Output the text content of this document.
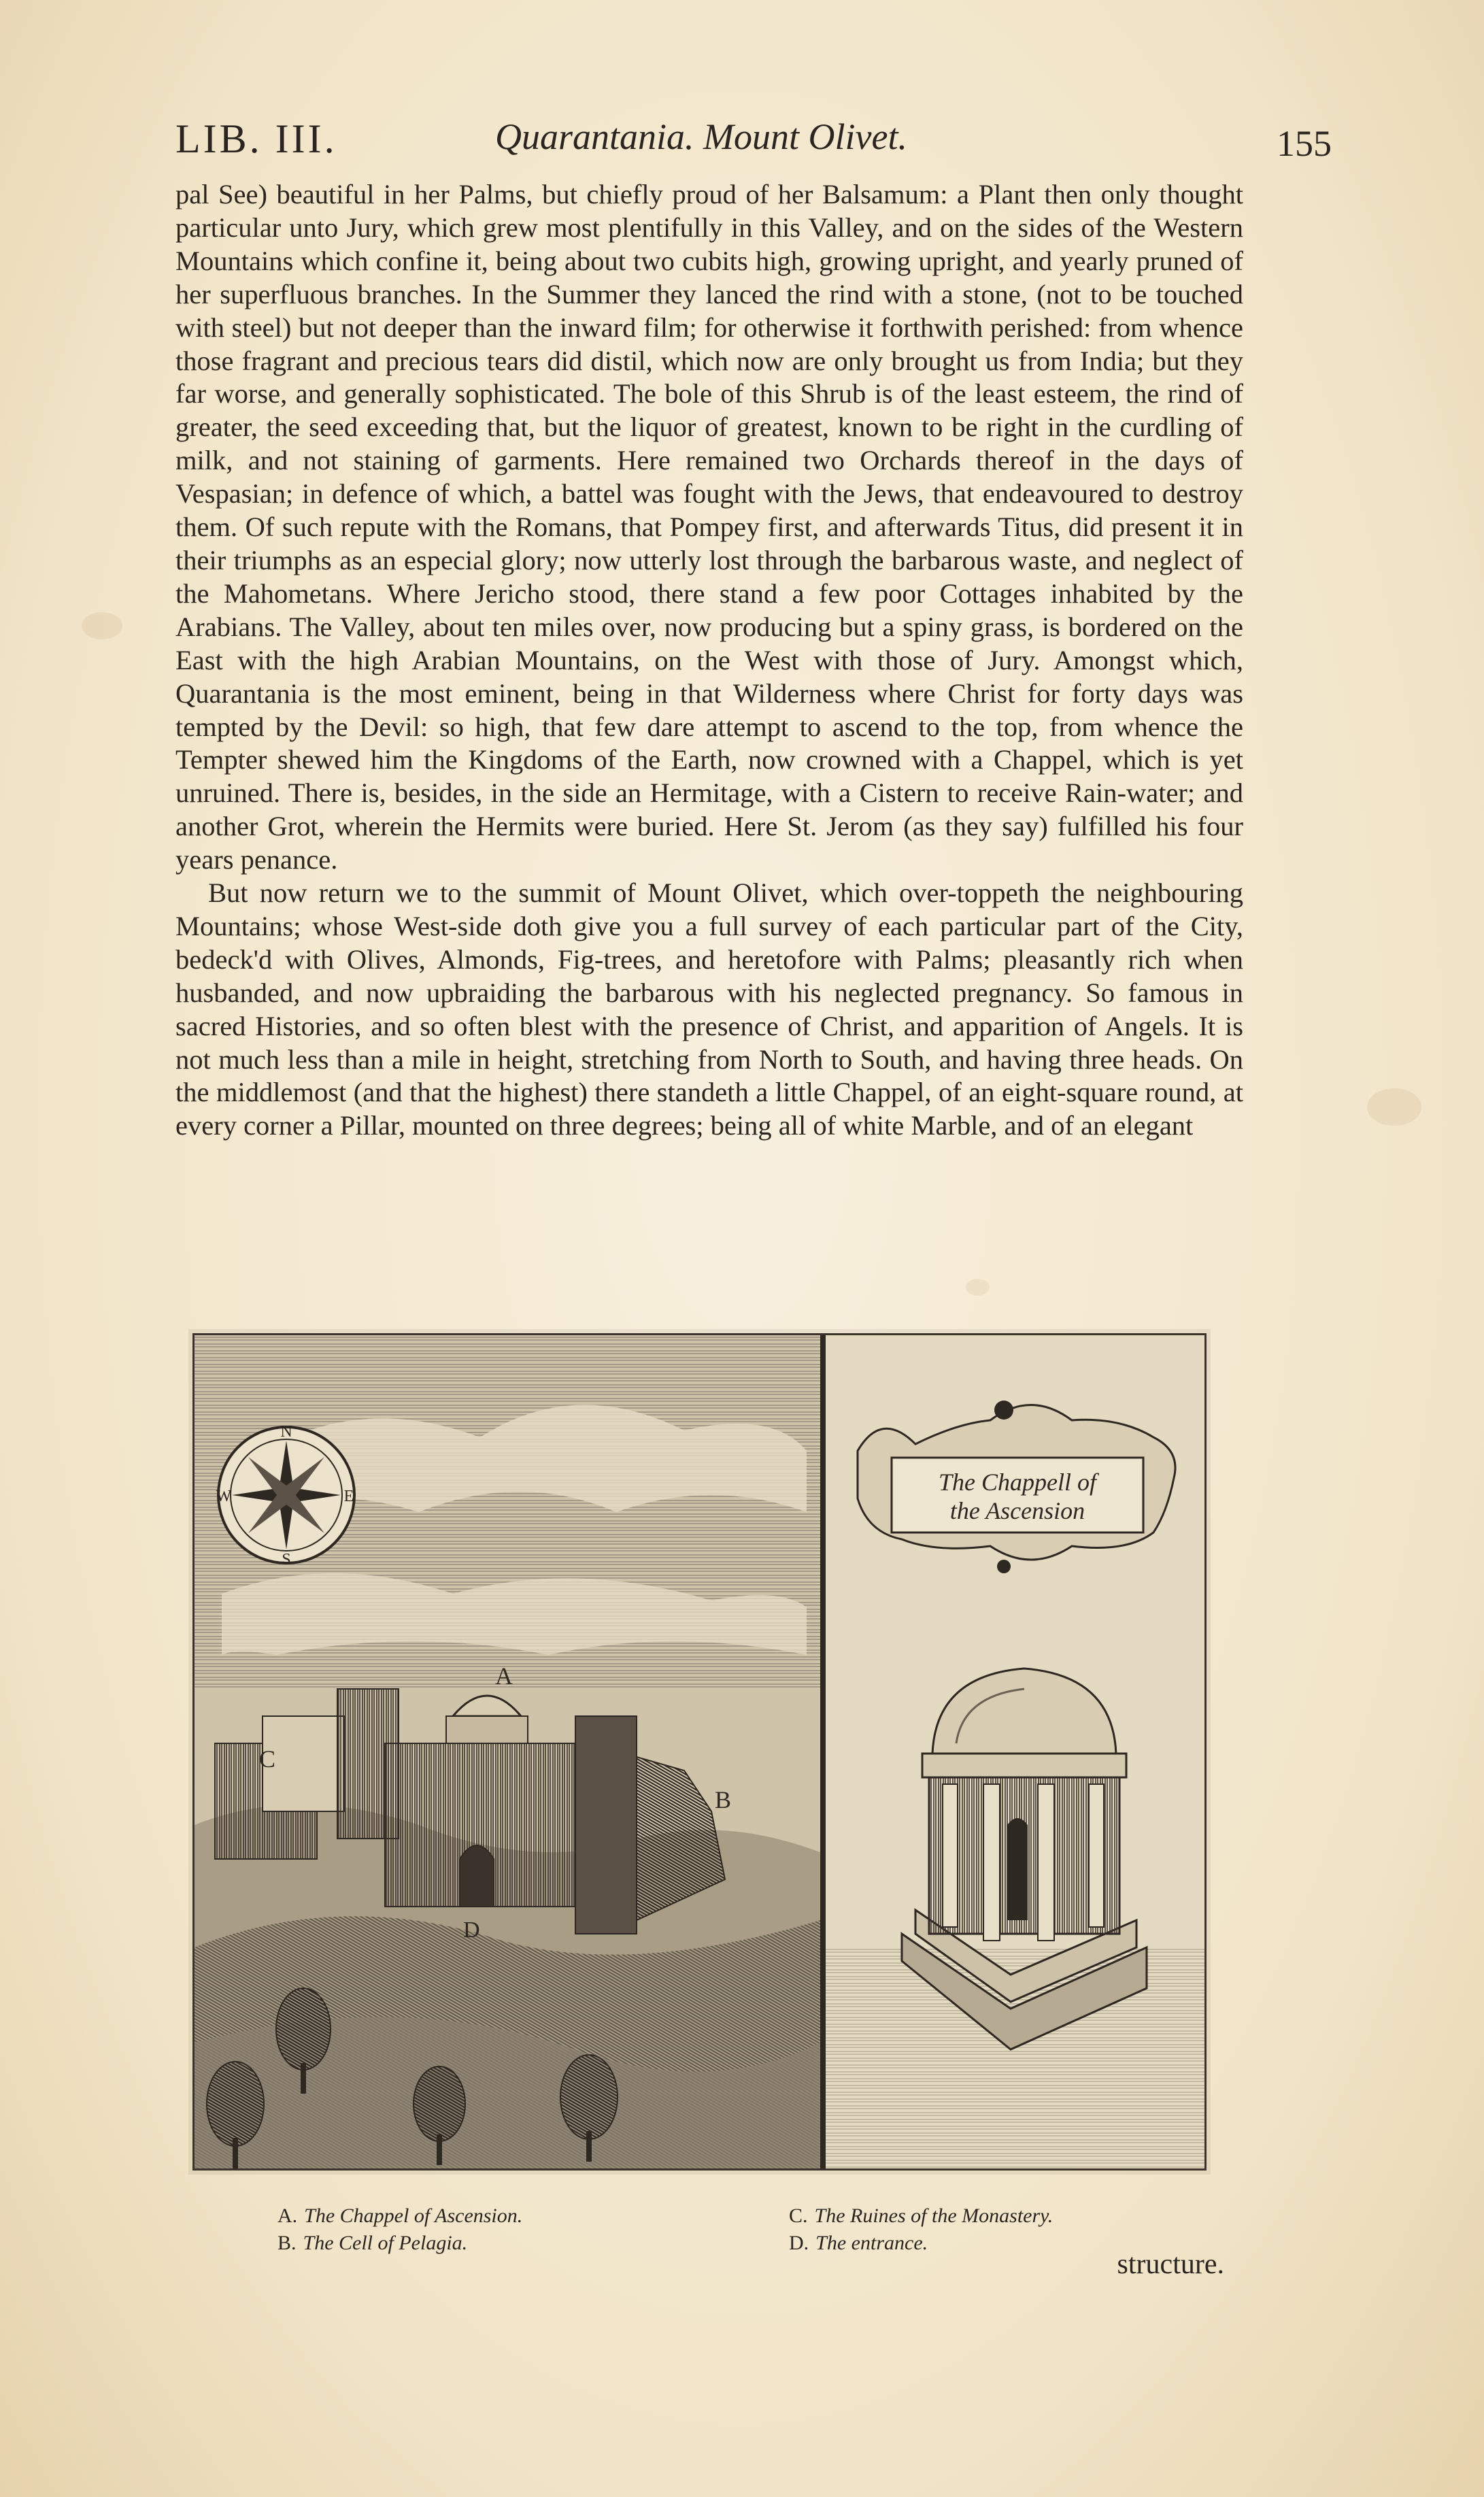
LIB. III.	Quarantania. Mount Olivet.	155

pal See) beautiful in her Palms, but chiefly proud of her Balsamum: a Plant then only thought particular unto Jury, which grew most plentifully in this Valley, and on the sides of the Western Mountains which confine it, being about two cubits high, growing upright, and yearly pruned of her superfluous branches. In the Summer they lanced the rind with a stone, (not to be touched with steel) but not deeper than the inward film; for otherwise it forthwith perished: from whence those fragrant and precious tears did distil, which now are only brought us from India; but they far worse, and generally sophisticated. The bole of this Shrub is of the least esteem, the rind of greater, the seed exceeding that, but the liquor of greatest, known to be right in the curdling of milk, and not staining of garments. Here remained two Orchards thereof in the days of Vespasian; in defence of which, a battel was fought with the Jews, that endeavoured to destroy them. Of such repute with the Romans, that Pompey first, and afterwards Titus, did present it in their triumphs as an especial glory; now utterly lost through the barbarous waste, and neglect of the Mahometans. Where Jericho stood, there stand a few poor Cottages inhabited by the Arabians. The Valley, about ten miles over, now producing but a spiny grass, is bordered on the East with the high Arabian Mountains, on the West with those of Jury. Amongst which, Quarantania is the most eminent, being in that Wilderness where Christ for forty days was tempted by the Devil: so high, that few dare attempt to ascend to the top, from whence the Tempter shewed him the Kingdoms of the Earth, now crowned with a Chappel, which is yet unruined. There is, besides, in the side an Hermitage, with a Cistern to receive Rain-water; and another Grot, wherein the Hermits were buried. Here St. Jerom (as they say) fulfilled his four years penance.

But now return we to the summit of Mount Olivet, which over-toppeth the neighbouring Mountains; whose West-side doth give you a full survey of each particular part of the City, bedeck'd with Olives, Almonds, Fig-trees, and heretofore with Palms; pleasantly rich when husbanded, and now upbraiding the barbarous with his neglected pregnancy. So famous in sacred Histories, and so often blest with the presence of Christ, and apparition of Angels. It is not much less than a mile in height, stretching from North to South, and having three heads. On the middlemost (and that the highest) there standeth a little Chappel, of an eight-square round, at every corner a Pillar, mounted on three degrees; being all of white Marble, and of an elegant

N
E
S
W
A
B
C
D
The Chappell of
the Ascension
A. The Chappel of Ascension.
B. The Cell of Pelagia.
C. The Ruines of the Monastery.
D. The entrance.
structure.
